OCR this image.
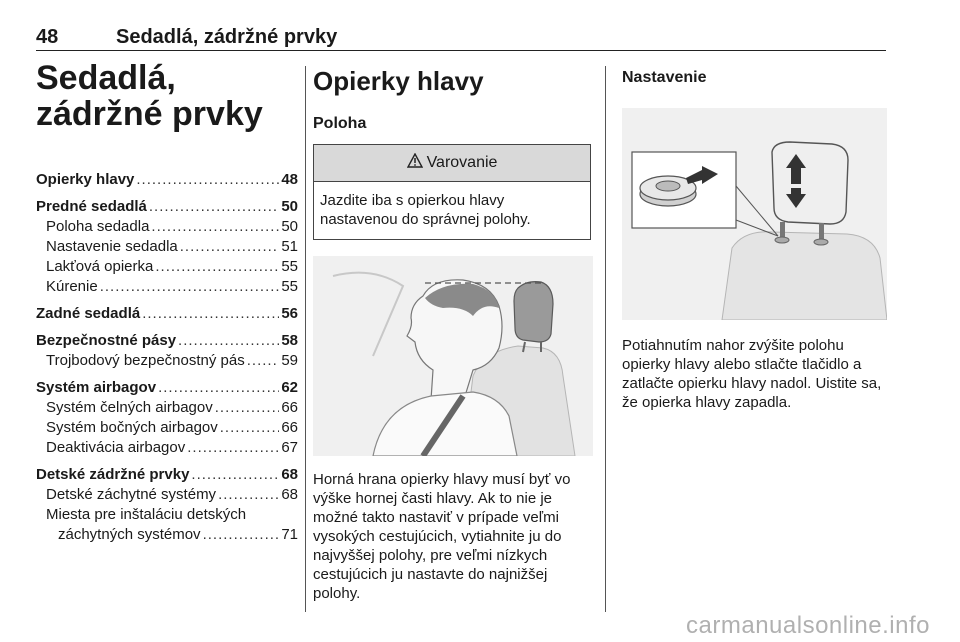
48	Sedadlá, zádržné prvky
Sedadlá, zádržné prvky
Opierky hlavy .....	48
Predné sedadlá .....	50
Poloha sedadla .....	50
Nastavenie sedadla .....	51
Lakťová opierka .....	55
Kúrenie .....	55
Zadné sedadlá .....	56
Bezpečnostné pásy .....	58
Trojbodový bezpečnostný pás ..... 59
Systém airbagov .....	62
Systém čelných airbagov .....	66
Systém bočných airbagov .....	66
Deaktivácia airbagov .....	67
Detské zádržné prvky .....	68
Detské záchytné systémy .....	68
Miesta pre inštaláciu detských
záchytných systémov .....	71
Opierky hlavy
Poloha
Varovanie
Jazdite iba s opierkou hlavy nastavenou do správnej polohy.
Horná hrana opierky hlavy musí byť vo výške hornej časti hlavy. Ak to nie je možné takto nastaviť v prípade veľmi vysokých cestujúcich, vytiahnite ju do najvyššej polohy, pre veľmi nízkych cestujúcich ju nastavte do najnižšej polohy.
Nastavenie
Potiahnutím nahor zvýšite polohu opierky hlavy alebo stlačte tlačidlo a zatlačte opierku hlavy nadol. Uistite sa, že opierka hlavy zapadla.
carmanualsonline.info
